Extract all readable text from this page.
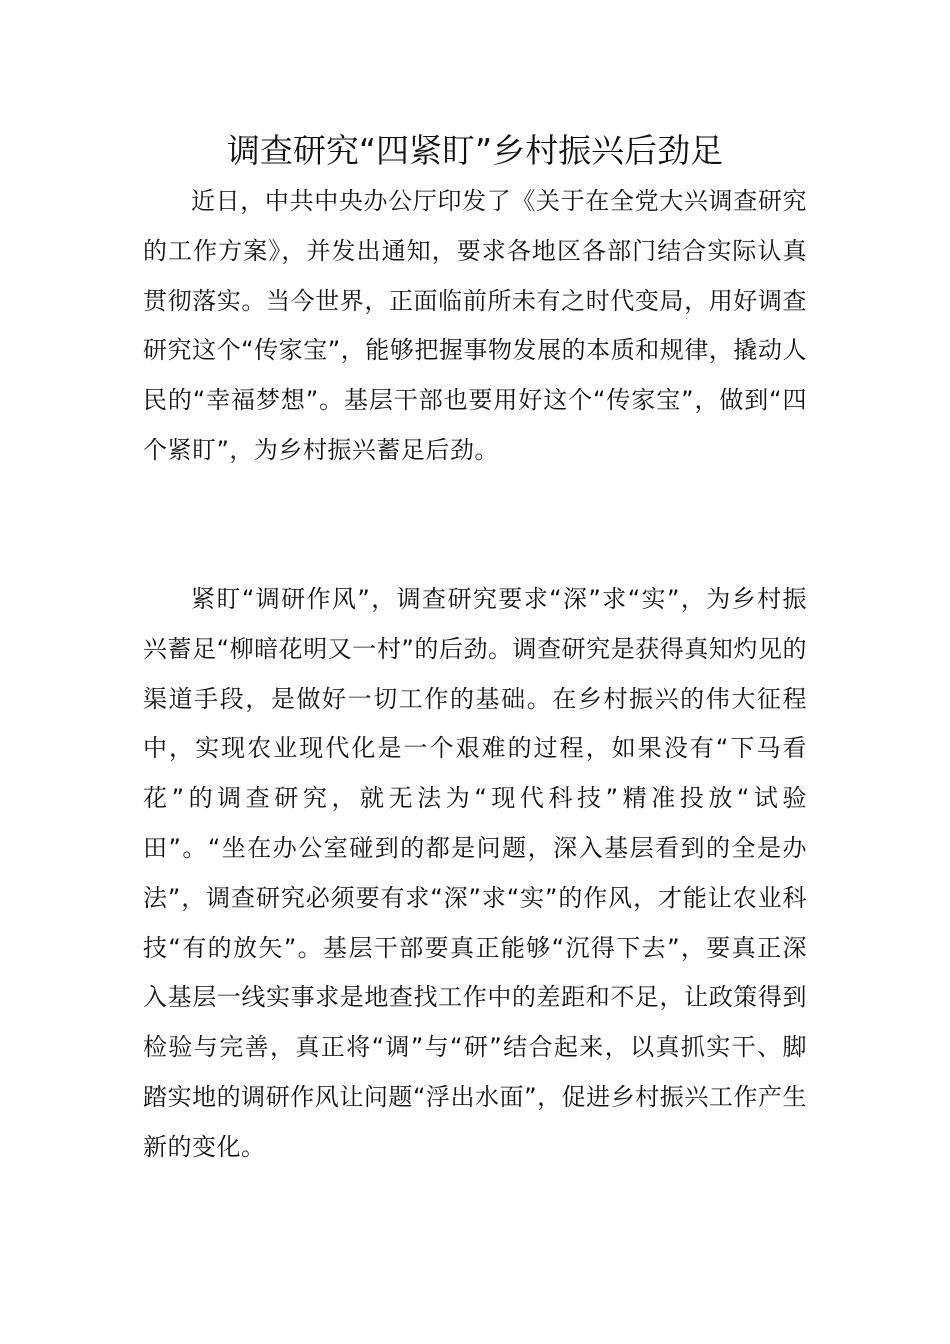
调查研究“四紧盯”乡村振兴后劲足

近日，中共中央办公厅印发了《关于在全党大兴调查研究的工作方案》，并发出通知，要求各地区各部门结合实际认真贯彻落实。当今世界，正面临前所未有之时代变局，用好调查研究这个“传家宝”，能够把握事物发展的本质和规律，撬动人民的“幸福梦想”。基层干部也要用好这个“传家宝”，做到“四个紧盯”，为乡村振兴蓄足后劲。

紧盯“调研作风”，调查研究要求“深”求“实”，为乡村振兴蓄足“柳暗花明又一村”的后劲。调查研究是获得真知灼见的渠道手段，是做好一切工作的基础。在乡村振兴的伟大征程中，实现农业现代化是一个艰难的过程，如果没有“下马看花”的调查研究，就无法为“现代科技”精准投放“试验田”。“坐在办公室碰到的都是问题，深入基层看到的全是办法”，调查研究必须要有求“深”求“实”的作风，才能让农业科技“有的放矢”。基层干部要真正能够“沉得下去”，要真正深入基层一线实事求是地查找工作中的差距和不足，让政策得到检验与完善，真正将“调”与“研”结合起来，以真抓实干、脚踏实地的调研作风让问题“浮出水面”，促进乡村振兴工作产生新的变化。
